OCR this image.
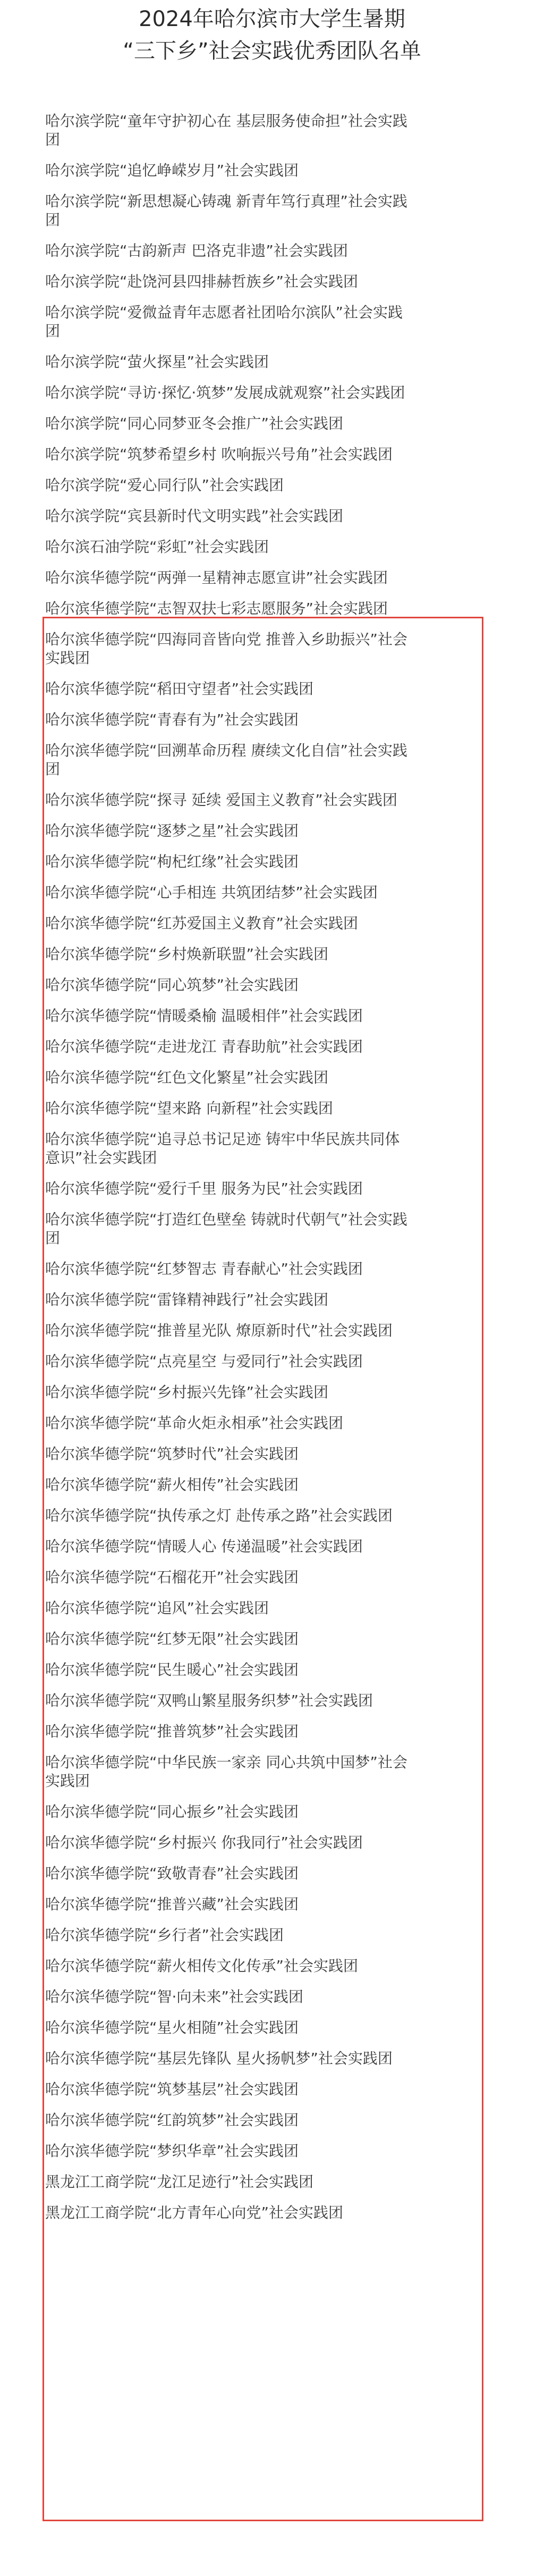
2024年哈尔滨市大学生暑期
“三下乡”社会实践优秀团队名单
哈尔滨学院“童年守护初心在 基层服务使命担”社会实践
团
哈尔滨学院“追忆峥嵘岁月”社会实践团
哈尔滨学院“新思想凝心铸魂 新青年笃行真理”社会实践
团
哈尔滨学院“古韵新声 巴洛克非遗”社会实践团
哈尔滨学院“赴饶河县四排赫哲族乡”社会实践团
哈尔滨学院“爱微益青年志愿者社团哈尔滨队”社会实践
团
哈尔滨学院“萤火探星”社会实践团
哈尔滨学院“寻访·探忆·筑梦”发展成就观察”社会实践团
哈尔滨学院“同心同梦亚冬会推广”社会实践团
哈尔滨学院“筑梦希望乡村 吹响振兴号角”社会实践团
哈尔滨学院“爱心同行队”社会实践团
哈尔滨学院“宾县新时代文明实践”社会实践团
哈尔滨石油学院“彩虹”社会实践团
哈尔滨华德学院“两弹一星精神志愿宣讲”社会实践团
哈尔滨华德学院“志智双扶七彩志愿服务”社会实践团
哈尔滨华德学院“四海同音皆向党 推普入乡助振兴”社会
实践团
哈尔滨华德学院“稻田守望者”社会实践团
哈尔滨华德学院“青春有为”社会实践团
哈尔滨华德学院“回溯革命历程 赓续文化自信”社会实践
团
哈尔滨华德学院“探寻 延续 爱国主义教育”社会实践团
哈尔滨华德学院“逐梦之星”社会实践团
哈尔滨华德学院“枸杞红缘”社会实践团
哈尔滨华德学院“心手相连 共筑团结梦”社会实践团
哈尔滨华德学院“红苏爱国主义教育”社会实践团
哈尔滨华德学院“乡村焕新联盟”社会实践团
哈尔滨华德学院“同心筑梦”社会实践团
哈尔滨华德学院“情暖桑榆 温暖相伴”社会实践团
哈尔滨华德学院“走进龙江 青春助航”社会实践团
哈尔滨华德学院“红色文化繁星”社会实践团
哈尔滨华德学院“望来路 向新程”社会实践团
哈尔滨华德学院“追寻总书记足迹 铸牢中华民族共同体
意识”社会实践团
哈尔滨华德学院“爱行千里 服务为民”社会实践团
哈尔滨华德学院“打造红色壁垒 铸就时代朝气”社会实践
团
哈尔滨华德学院“红梦智志 青春献心”社会实践团
哈尔滨华德学院“雷锋精神践行”社会实践团
哈尔滨华德学院“推普星光队 燎原新时代”社会实践团
哈尔滨华德学院“点亮星空 与爱同行”社会实践团
哈尔滨华德学院“乡村振兴先锋”社会实践团
哈尔滨华德学院“革命火炬永相承”社会实践团
哈尔滨华德学院“筑梦时代”社会实践团
哈尔滨华德学院“薪火相传”社会实践团
哈尔滨华德学院“执传承之灯 赴传承之路”社会实践团
哈尔滨华德学院“情暖人心 传递温暖”社会实践团
哈尔滨华德学院“石榴花开”社会实践团
哈尔滨华德学院“追风”社会实践团
哈尔滨华德学院“红梦无限”社会实践团
哈尔滨华德学院“民生暖心”社会实践团
哈尔滨华德学院“双鸭山繁星服务织梦”社会实践团
哈尔滨华德学院“推普筑梦”社会实践团
哈尔滨华德学院“中华民族一家亲 同心共筑中国梦”社会
实践团
哈尔滨华德学院“同心振乡”社会实践团
哈尔滨华德学院“乡村振兴 你我同行”社会实践团
哈尔滨华德学院“致敬青春”社会实践团
哈尔滨华德学院“推普兴藏”社会实践团
哈尔滨华德学院“乡行者”社会实践团
哈尔滨华德学院“薪火相传文化传承”社会实践团
哈尔滨华德学院“智·向未来”社会实践团
哈尔滨华德学院“星火相随”社会实践团
哈尔滨华德学院“基层先锋队 星火扬帆梦”社会实践团
哈尔滨华德学院“筑梦基层”社会实践团
哈尔滨华德学院“红韵筑梦”社会实践团
哈尔滨华德学院“梦织华章”社会实践团
黑龙江工商学院“龙江足迹行”社会实践团
黑龙江工商学院“北方青年心向党”社会实践团
